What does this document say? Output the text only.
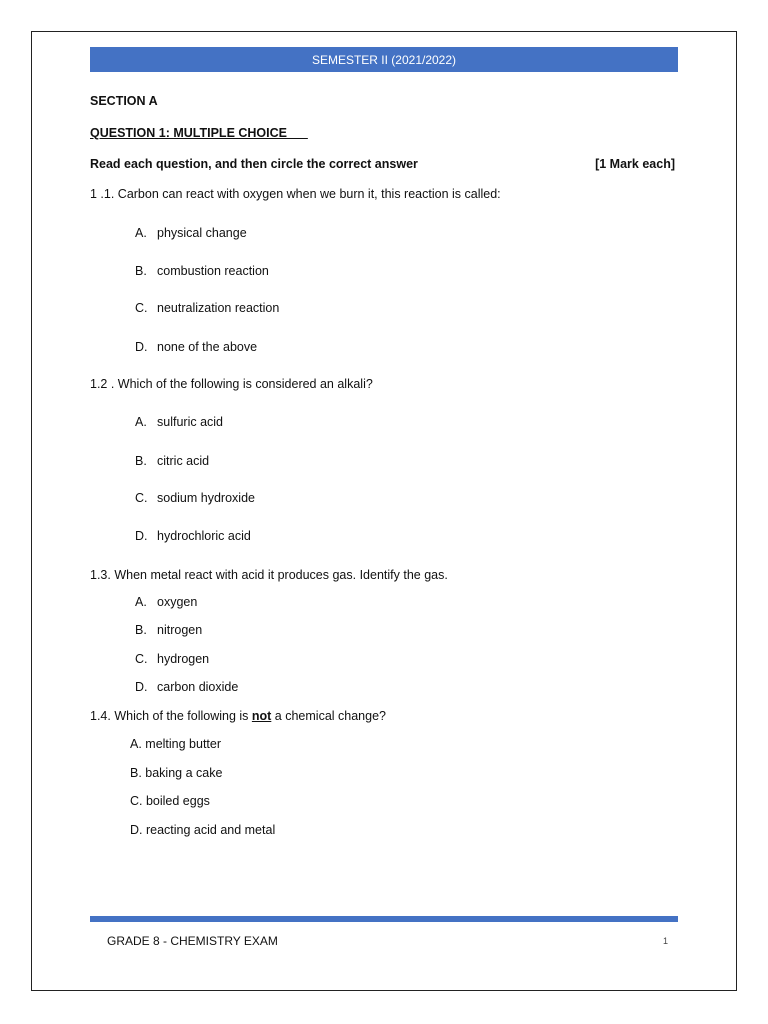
SEMESTER II (2021/2022)
SECTION A
QUESTION 1: MULTIPLE CHOICE
Read each question, and then circle the correct answer	[1 Mark each]
1 .1. Carbon can react with oxygen when we burn it, this reaction is called:
A. physical change
B. combustion reaction
C. neutralization reaction
D. none of the above
1.2 . Which of the following is considered an alkali?
A. sulfuric acid
B. citric acid
C. sodium hydroxide
D. hydrochloric acid
1.3. When metal react with acid it produces gas. Identify the gas.
A. oxygen
B. nitrogen
C. hydrogen
D. carbon dioxide
1.4. Which of the following is not a chemical change?
A. melting butter
B. baking a cake
C. boiled eggs
D. reacting acid and metal
GRADE 8 - CHEMISTRY EXAM	1
